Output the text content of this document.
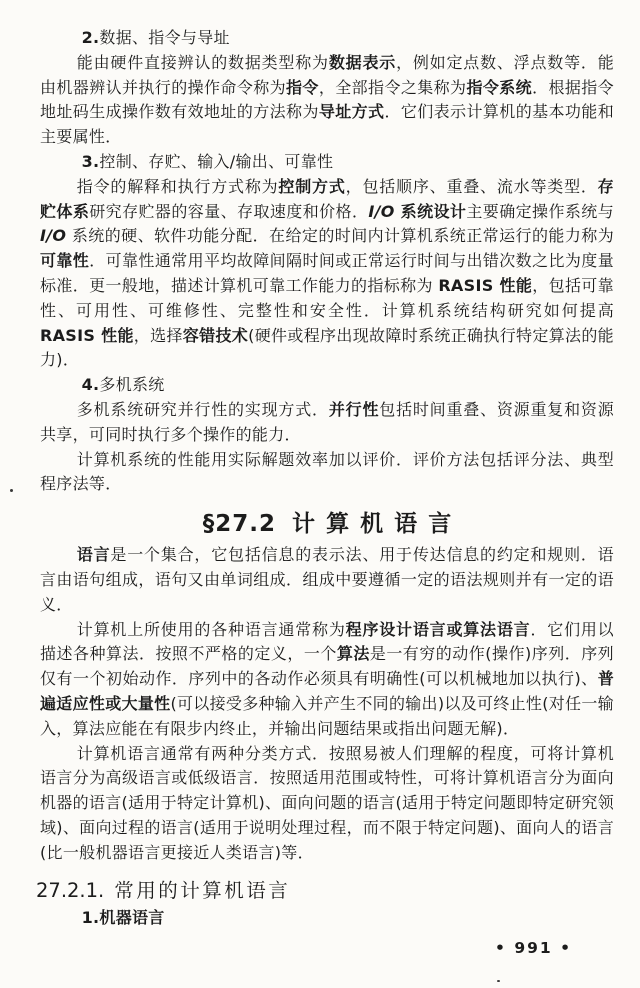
2.数据、指令与导址

能由硬件直接辨认的数据类型称为数据表示，例如定点数、浮点数等．能由机器辨认并执行的操作命令称为指令，全部指令之集称为指令系统．根据指令地址码生成操作数有效地址的方法称为导址方式．它们表示计算机的基本功能和主要属性．

3.控制、存贮、输入/输出、可靠性

指令的解释和执行方式称为控制方式，包括顺序、重叠、流水等类型．存贮体系研究存贮器的容量、存取速度和价格．I/O 系统设计主要确定操作系统与I/O 系统的硬、软件功能分配．在给定的时间内计算机系统正常运行的能力称为可靠性．可靠性通常用平均故障间隔时间或正常运行时间与出错次数之比为度量标准．更一般地，描述计算机可靠工作能力的指标称为 RASIS 性能，包括可靠性、可用性、可维修性、完整性和安全性．计算机系统结构研究如何提高 RASIS 性能，选择容错技术(硬件或程序出现故障时系统正确执行特定算法的能力)．

4.多机系统

多机系统研究并行性的实现方式．并行性包括时间重叠、资源重复和资源共享，可同时执行多个操作的能力．

计算机系统的性能用实际解题效率加以评价．评价方法包括评分法、典型程序法等．

§27.2 计算机语言

语言是一个集合，它包括信息的表示法、用于传达信息的约定和规则．语言由语句组成，语句又由单词组成．组成中要遵循一定的语法规则并有一定的语义．

计算机上所使用的各种语言通常称为程序设计语言或算法语言．它们用以描述各种算法．按照不严格的定义，一个算法是一有穷的动作(操作)序列．序列仅有一个初始动作．序列中的各动作必须具有明确性(可以机械地加以执行)、普遍适应性或大量性(可以接受多种输入并产生不同的输出)以及可终止性(对任一输入，算法应能在有限步内终止，并输出问题结果或指出问题无解)．

计算机语言通常有两种分类方式．按照易被人们理解的程度，可将计算机语言分为高级语言或低级语言．按照适用范围或特性，可将计算机语言分为面向机器的语言(适用于特定计算机)、面向问题的语言(适用于特定问题即特定研究领域)、面向过程的语言(适用于说明处理过程，而不限于特定问题)、面向人的语言(比一般机器语言更接近人类语言)等．

27.2.1. 常用的计算机语言

1.机器语言

• 991 •
